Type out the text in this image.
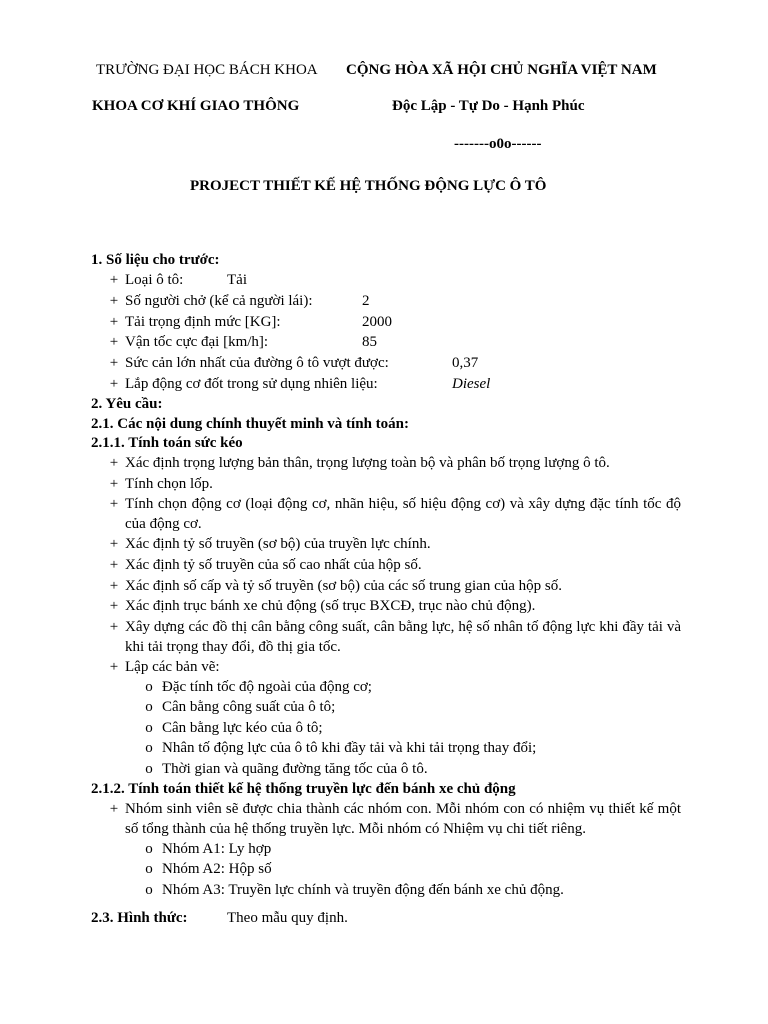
TRƯỜNG ĐẠI HỌC BÁCH KHOA
KHOA CƠ KHÍ GIAO THÔNG
CỘNG HÒA XÃ HỘI CHỦ NGHĨA VIỆT NAM
Độc Lập - Tự Do - Hạnh Phúc
-------o0o------
PROJECT THIẾT KẾ HỆ THỐNG ĐỘNG LỰC Ô TÔ
1. Số liệu cho trước:
+ Loại ô tô:	Tải
+ Số người chở (kể cả người lái):	2
+ Tải trọng định mức [KG]:	2000
+ Vận tốc cực đại [km/h]:	85
+ Sức cản lớn nhất của đường ô tô vượt được:	0,37
+ Lắp động cơ đốt trong sử dụng nhiên liệu:	Diesel
2. Yêu cầu:
2.1. Các nội dung chính thuyết minh và tính toán:
2.1.1. Tính toán sức kéo
+ Xác định trọng lượng bản thân, trọng lượng toàn bộ và phân bố trọng lượng ô tô.
+ Tính chọn lốp.
+ Tính chọn động cơ (loại động cơ, nhãn hiệu, số hiệu động cơ) và xây dựng đặc tính tốc độ của động cơ.
+ Xác định tỷ số truyền (sơ bộ) của truyền lực chính.
+ Xác định tỷ số truyền của số cao nhất của hộp số.
+ Xác định số cấp và tỷ số truyền (sơ bộ) của các số trung gian của hộp số.
+ Xác định trục bánh xe chủ động (số trục BXCĐ, trục nào chủ động).
+ Xây dựng các đồ thị cân bằng công suất, cân bằng lực, hệ số nhân tố động lực khi đầy tải và khi tải trọng thay đổi, đồ thị gia tốc.
+ Lập các bản vẽ:
o Đặc tính tốc độ ngoài của động cơ;
o Cân bằng công suất của ô tô;
o Cân bằng lực kéo của ô tô;
o Nhân tố động lực của ô tô khi đầy tải và khi tải trọng thay đổi;
o Thời gian và quãng đường tăng tốc của ô tô.
2.1.2. Tính toán thiết kế hệ thống truyền lực đến bánh xe chủ động
+ Nhóm sinh viên sẽ được chia thành các nhóm con. Mỗi nhóm con có nhiệm vụ thiết kế một số tổng thành của hệ thống truyền lực. Mỗi nhóm có Nhiệm vụ chi tiết riêng.
o Nhóm A1: Ly hợp
o Nhóm A2: Hộp số
o Nhóm A3: Truyền lực chính và truyền động đến bánh xe chủ động.
2.3. Hình thức:	Theo mẫu quy định.
